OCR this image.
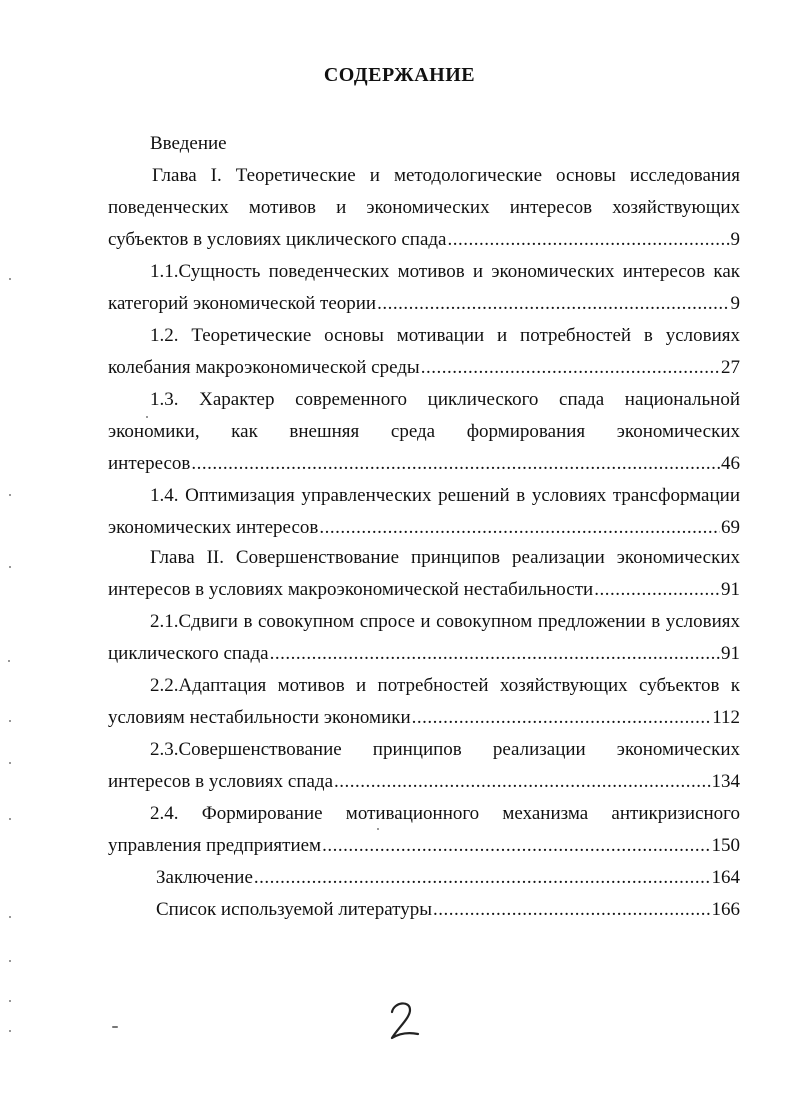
СОДЕРЖАНИЕ
Введение
Глава I. Теоретические и методологические основы исследования
поведенческих мотивов и экономических интересов хозяйствующих
субъектов в условиях циклического спада .....	9
1.1.Сущность поведенческих мотивов и экономических интересов как
категорий экономической теории .....	9
1.2. Теоретические основы мотивации и потребностей в условиях
колебания макроэкономической среды .....	27
1.3. Характер современного циклического спада национальной
экономики, как внешняя среда формирования экономических
интересов .....	46
1.4. Оптимизация управленческих решений в условиях трансформации
экономических интересов .....	69
Глава II. Совершенствование принципов реализации экономических
интересов в условиях макроэкономической нестабильности .....	91
2.1.Сдвиги в совокупном спросе и совокупном предложении в условиях
циклического спада .....	91
2.2.Адаптация мотивов и потребностей хозяйствующих субъектов к
условиям нестабильности экономики .....	112
2.3.Совершенствование принципов реализации экономических
интересов в условиях спада .....	134
2.4. Формирование мотивационного механизма антикризисного
управления предприятием .....	150
Заключение .....	164
Список используемой литературы .....	166
